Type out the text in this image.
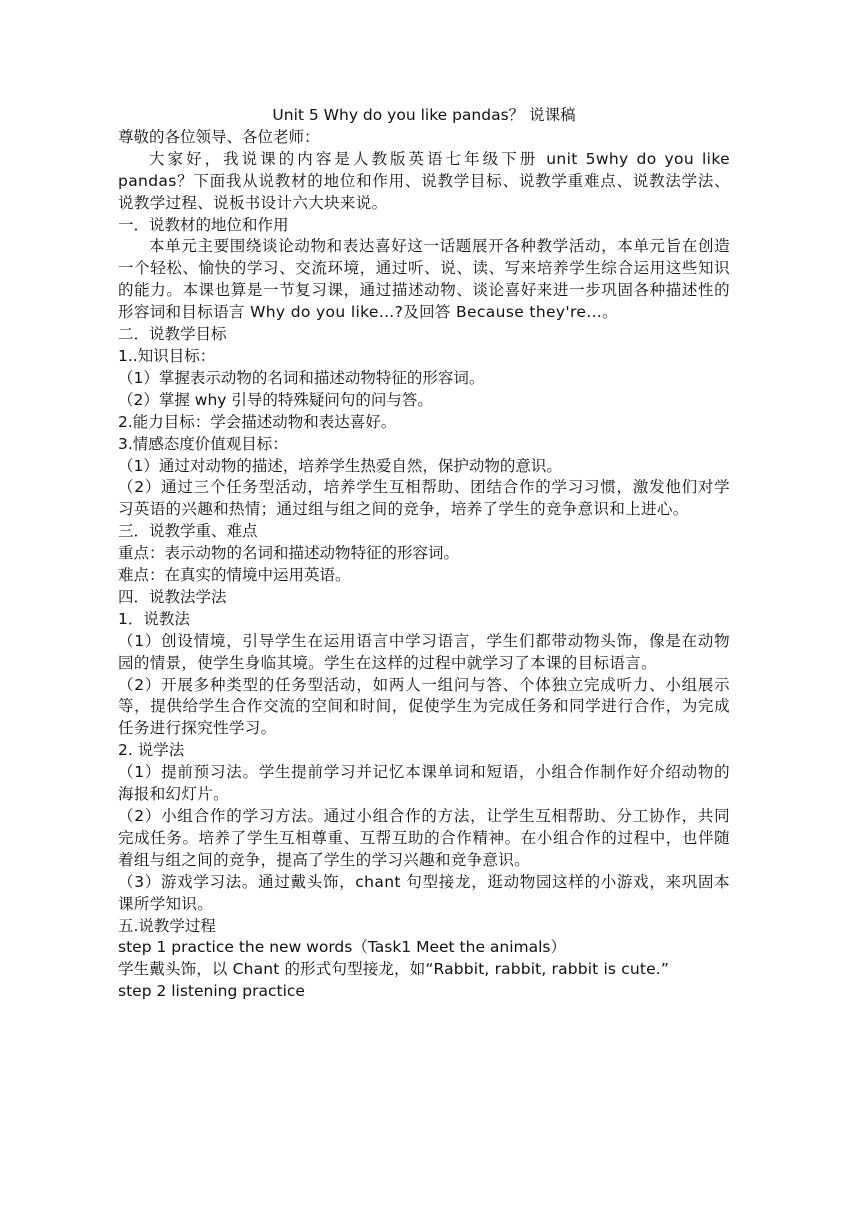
Unit 5 Why do you like pandas？ 说课稿

尊敬的各位领导、各位老师：

大家好，我说课的内容是人教版英语七年级下册 unit 5why do you like pandas？下面我从说教材的地位和作用、说教学目标、说教学重难点、说教法学法、说教学过程、说板书设计六大块来说。

一．说教材的地位和作用

本单元主要围绕谈论动物和表达喜好这一话题展开各种教学活动，本单元旨在创造一个轻松、愉快的学习、交流环境，通过听、说、读、写来培养学生综合运用这些知识的能力。本课也算是一节复习课，通过描述动物、谈论喜好来进一步巩固各种描述性的形容词和目标语言 Why do you like…?及回答 Because they're…。

二．说教学目标

1..知识目标：

（1）掌握表示动物的名词和描述动物特征的形容词。

（2）掌握 why 引导的特殊疑问句的问与答。

2.能力目标：学会描述动物和表达喜好。

3.情感态度价值观目标：

（1）通过对动物的描述，培养学生热爱自然，保护动物的意识。

（2）通过三个任务型活动，培养学生互相帮助、团结合作的学习习惯，激发他们对学习英语的兴趣和热情；通过组与组之间的竞争，培养了学生的竞争意识和上进心。

三．说教学重、难点

重点：表示动物的名词和描述动物特征的形容词。

难点：在真实的情境中运用英语。

四．说教法学法

1．说教法

（1）创设情境，引导学生在运用语言中学习语言，学生们都带动物头饰，像是在动物园的情景，使学生身临其境。学生在这样的过程中就学习了本课的目标语言。

（2）开展多种类型的任务型活动，如两人一组问与答、个体独立完成听力、小组展示等，提供给学生合作交流的空间和时间，促使学生为完成任务和同学进行合作，为完成任务进行探究性学习。

2. 说学法

（1）提前预习法。学生提前学习并记忆本课单词和短语，小组合作制作好介绍动物的海报和幻灯片。

（2）小组合作的学习方法。通过小组合作的方法，让学生互相帮助、分工协作，共同完成任务。培养了学生互相尊重、互帮互助的合作精神。在小组合作的过程中，也伴随着组与组之间的竞争，提高了学生的学习兴趣和竞争意识。

（3）游戏学习法。通过戴头饰，chant 句型接龙，逛动物园这样的小游戏，来巩固本课所学知识。

五.说教学过程

step 1 practice the new words（Task1 Meet the animals）

学生戴头饰，以 Chant 的形式句型接龙，如“Rabbit, rabbit, rabbit is cute.”

step 2 listening practice
